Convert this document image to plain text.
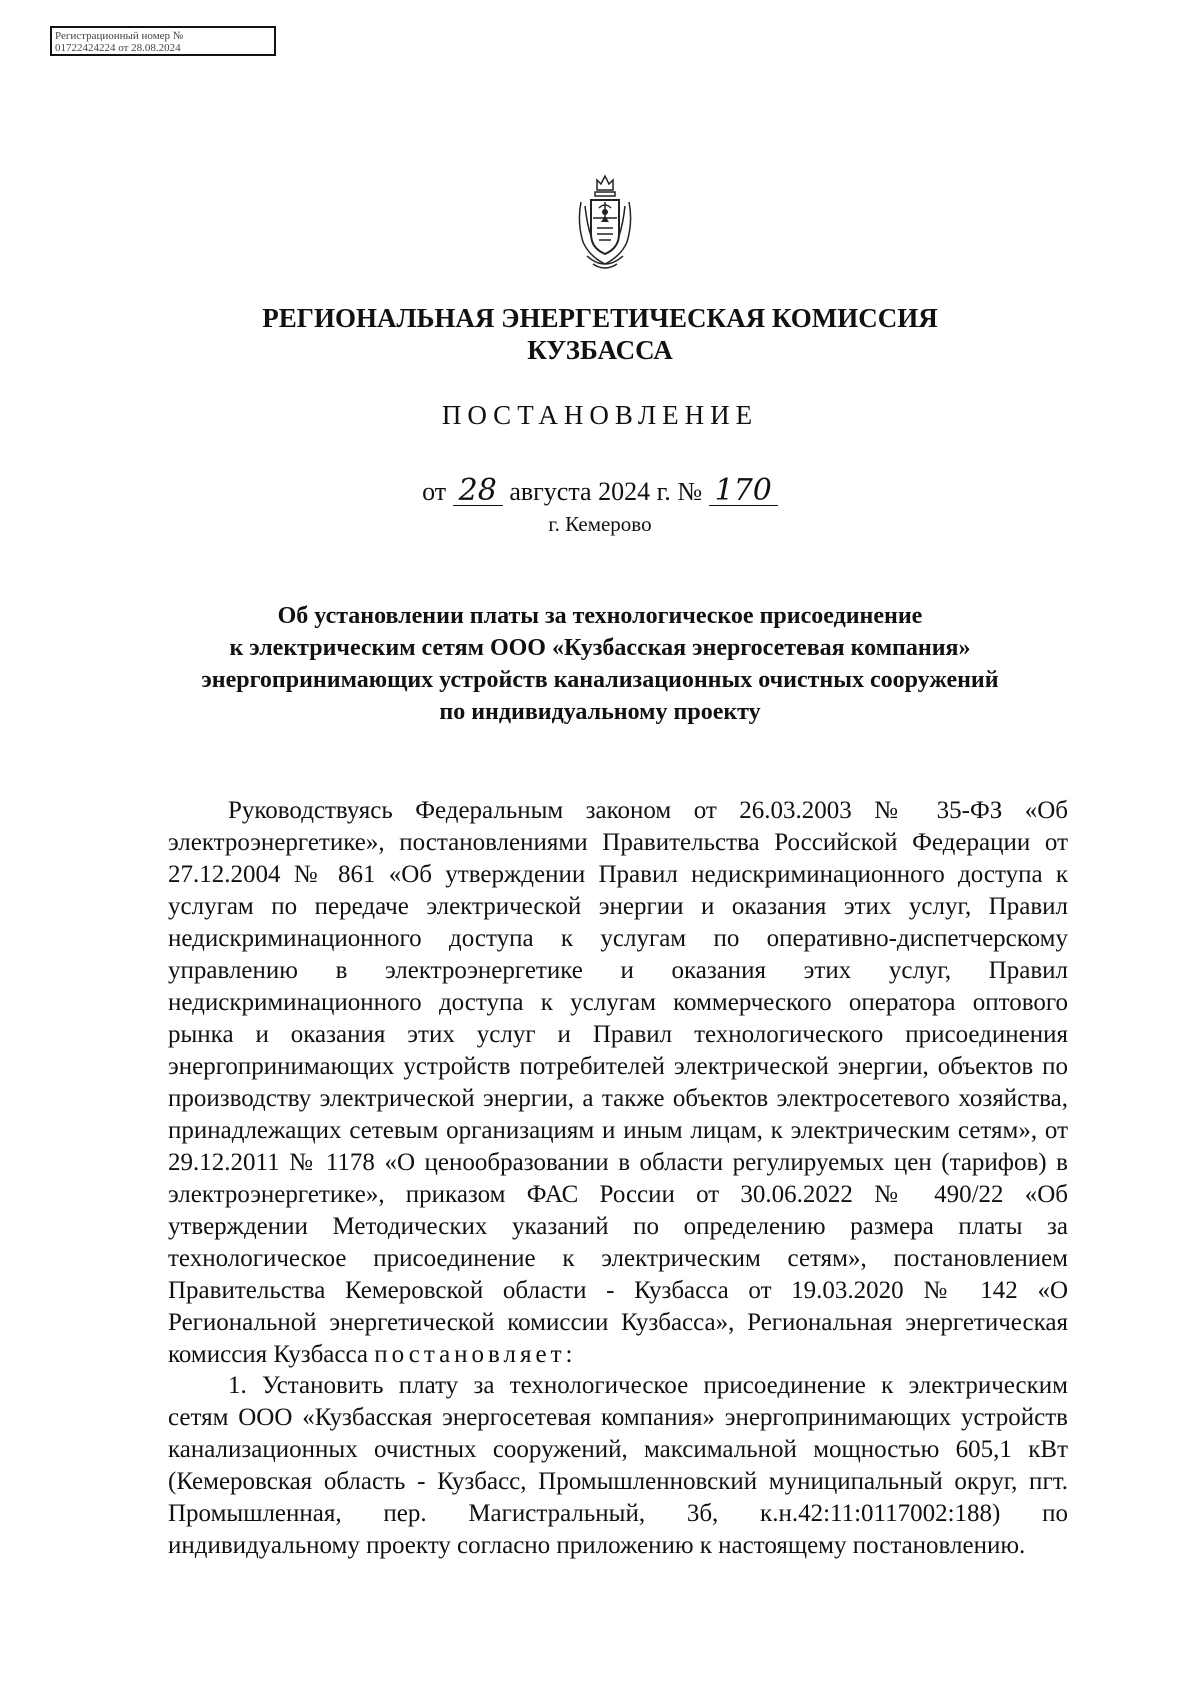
Регистрационный номер №
01722424224 от 28.08.2024
РЕГИОНАЛЬНАЯ ЭНЕРГЕТИЧЕСКАЯ КОМИССИЯ
КУЗБАССА
ПОСТАНОВЛЕНИЕ
от 28 августа 2024 г. № 170
г. Кемерово
Об установлении платы за технологическое присоединение
к электрическим сетям ООО «Кузбасская энергосетевая компания»
энергопринимающих устройств канализационных очистных сооружений
по индивидуальному проекту

Руководствуясь Федеральным законом от 26.03.2003 № 35-ФЗ «Об электроэнергетике», постановлениями Правительства Российской Федерации от 27.12.2004 № 861 «Об утверждении Правил недискриминационного доступа к услугам по передаче электрической энергии и оказания этих услуг, Правил недискриминационного доступа к услугам по оперативно-диспетчерскому управлению в электроэнергетике и оказания этих услуг, Правил недискриминационного доступа к услугам коммерческого оператора оптового рынка и оказания этих услуг и Правил технологического присоединения энергопринимающих устройств потребителей электрической энергии, объектов по производству электрической энергии, а также объектов электросетевого хозяйства, принадлежащих сетевым организациям и иным лицам, к электрическим сетям», от 29.12.2011 № 1178 «О ценообразовании в области регулируемых цен (тарифов) в электроэнергетике», приказом ФАС России от 30.06.2022 № 490/22 «Об утверждении Методических указаний по определению размера платы за технологическое присоединение к электрическим сетям», постановлением Правительства Кемеровской области - Кузбасса от 19.03.2020 № 142 «О Региональной энергетической комиссии Кузбасса», Региональная энергетическая комиссия Кузбасса постановляет:

1. Установить плату за технологическое присоединение к электрическим сетям ООО «Кузбасская энергосетевая компания» энергопринимающих устройств канализационных очистных сооружений, максимальной мощностью 605,1 кВт (Кемеровская область - Кузбасс, Промышленновский муниципальный округ, пгт. Промышленная, пер. Магистральный, 3б, к.н.42:11:0117002:188) по индивидуальному проекту согласно приложению к настоящему постановлению.
